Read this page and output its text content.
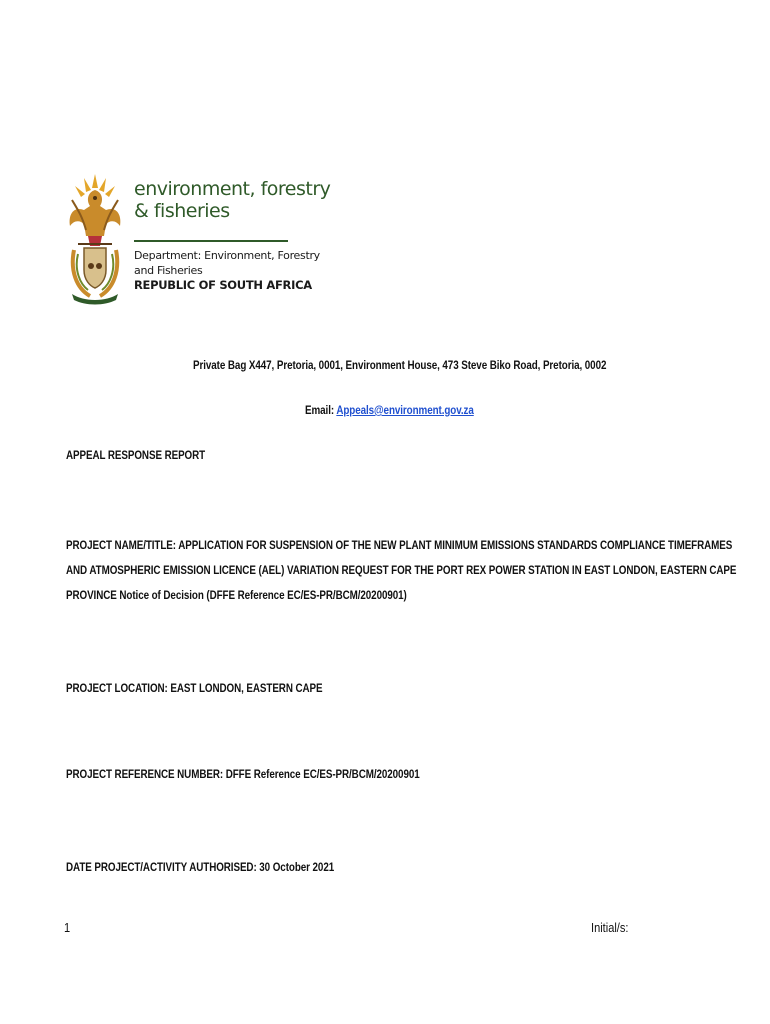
environment, forestry
& fisheries
Department: Environment, Forestry
and Fisheries
REPUBLIC OF SOUTH AFRICA
Private Bag X447, Pretoria, 0001, Environment House, 473 Steve Biko Road, Pretoria, 0002
Email: Appeals@environment.gov.za
APPEAL RESPONSE REPORT
PROJECT NAME/TITLE: APPLICATION FOR SUSPENSION OF THE NEW PLANT MINIMUM EMISSIONS STANDARDS COMPLIANCE TIMEFRAMES
AND ATMOSPHERIC EMISSION LICENCE (AEL) VARIATION REQUEST FOR THE PORT REX POWER STATION IN EAST LONDON, EASTERN CAPE
PROVINCE Notice of Decision (DFFE Reference EC/ES-PR/BCM/20200901)
PROJECT LOCATION: EAST LONDON, EASTERN CAPE
PROJECT REFERENCE NUMBER: DFFE Reference EC/ES-PR/BCM/20200901
DATE PROJECT/ACTIVITY AUTHORISED: 30 October 2021
1	Initial/s:
